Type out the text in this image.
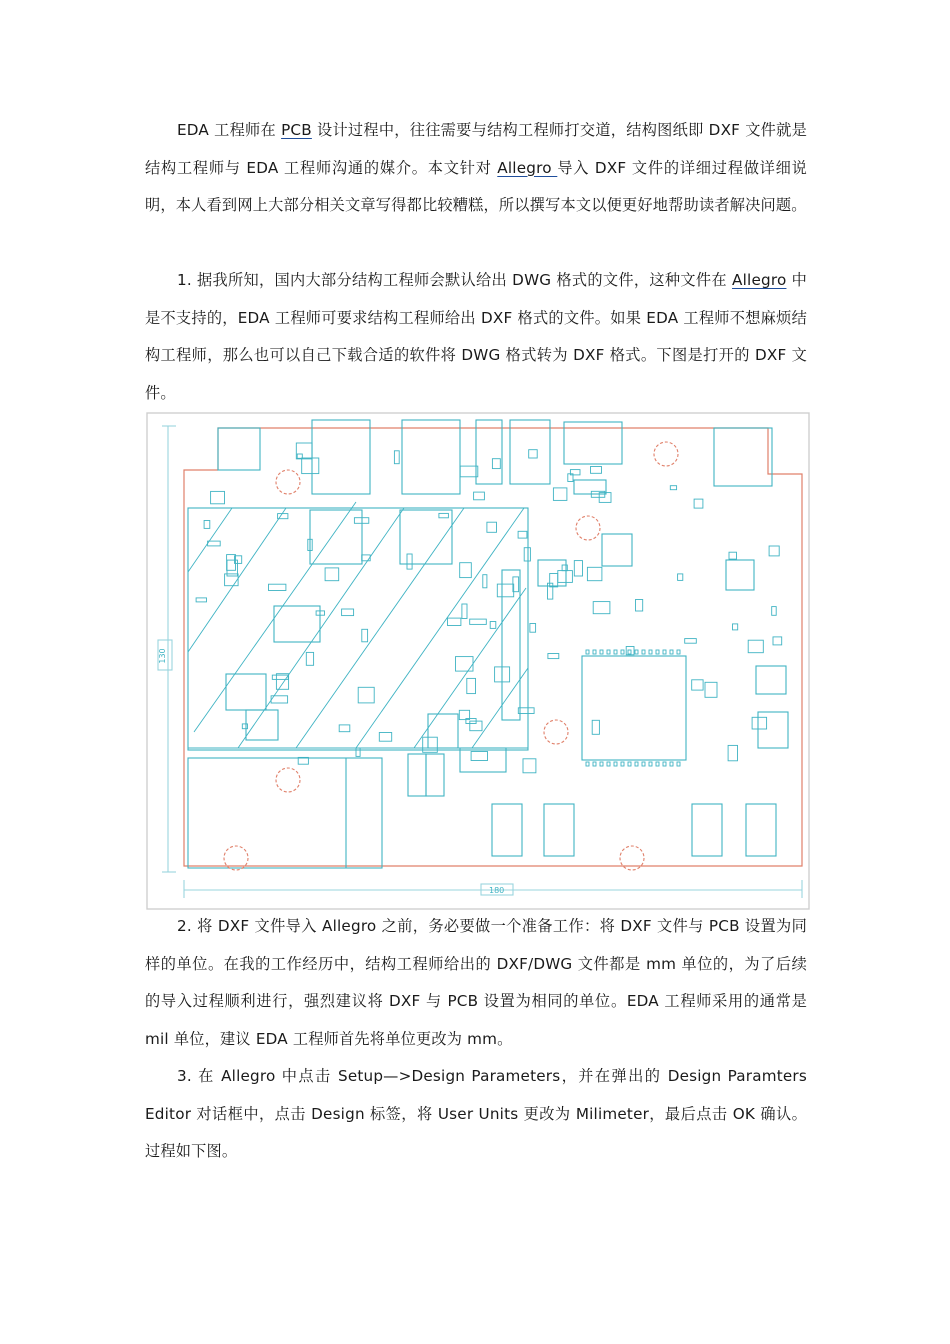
EDA 工程师在 PCB 设计过程中，往往需要与结构工程师打交道，结构图纸即 DXF 文件就是结构工程师与 EDA 工程师沟通的媒介。本文针对 Allegro 导入 DXF 文件的详细过程做详细说明，本人看到网上大部分相关文章写得都比较糟糕，所以撰写本文以便更好地帮助读者解决问题。

1. 据我所知，国内大部分结构工程师会默认给出 DWG 格式的文件，这种文件在 Allegro 中是不支持的，EDA 工程师可要求结构工程师给出 DXF 格式的文件。如果 EDA 工程师不想麻烦结构工程师，那么也可以自己下载合适的软件将 DWG 格式转为 DXF 格式。下图是打开的 DXF 文件。

130
180

2. 将 DXF 文件导入 Allegro 之前，务必要做一个准备工作：将 DXF 文件与 PCB 设置为同样的单位。在我的工作经历中，结构工程师给出的 DXF/DWG 文件都是 mm 单位的，为了后续的导入过程顺利进行，强烈建议将 DXF 与 PCB 设置为相同的单位。EDA 工程师采用的通常是 mil 单位，建议 EDA 工程师首先将单位更改为 mm。

3. 在 Allegro 中点击 Setup—>Design Parameters，并在弹出的 Design Paramters Editor 对话框中，点击 Design 标签，将 User Units 更改为 Milimeter，最后点击 OK 确认。过程如下图。
